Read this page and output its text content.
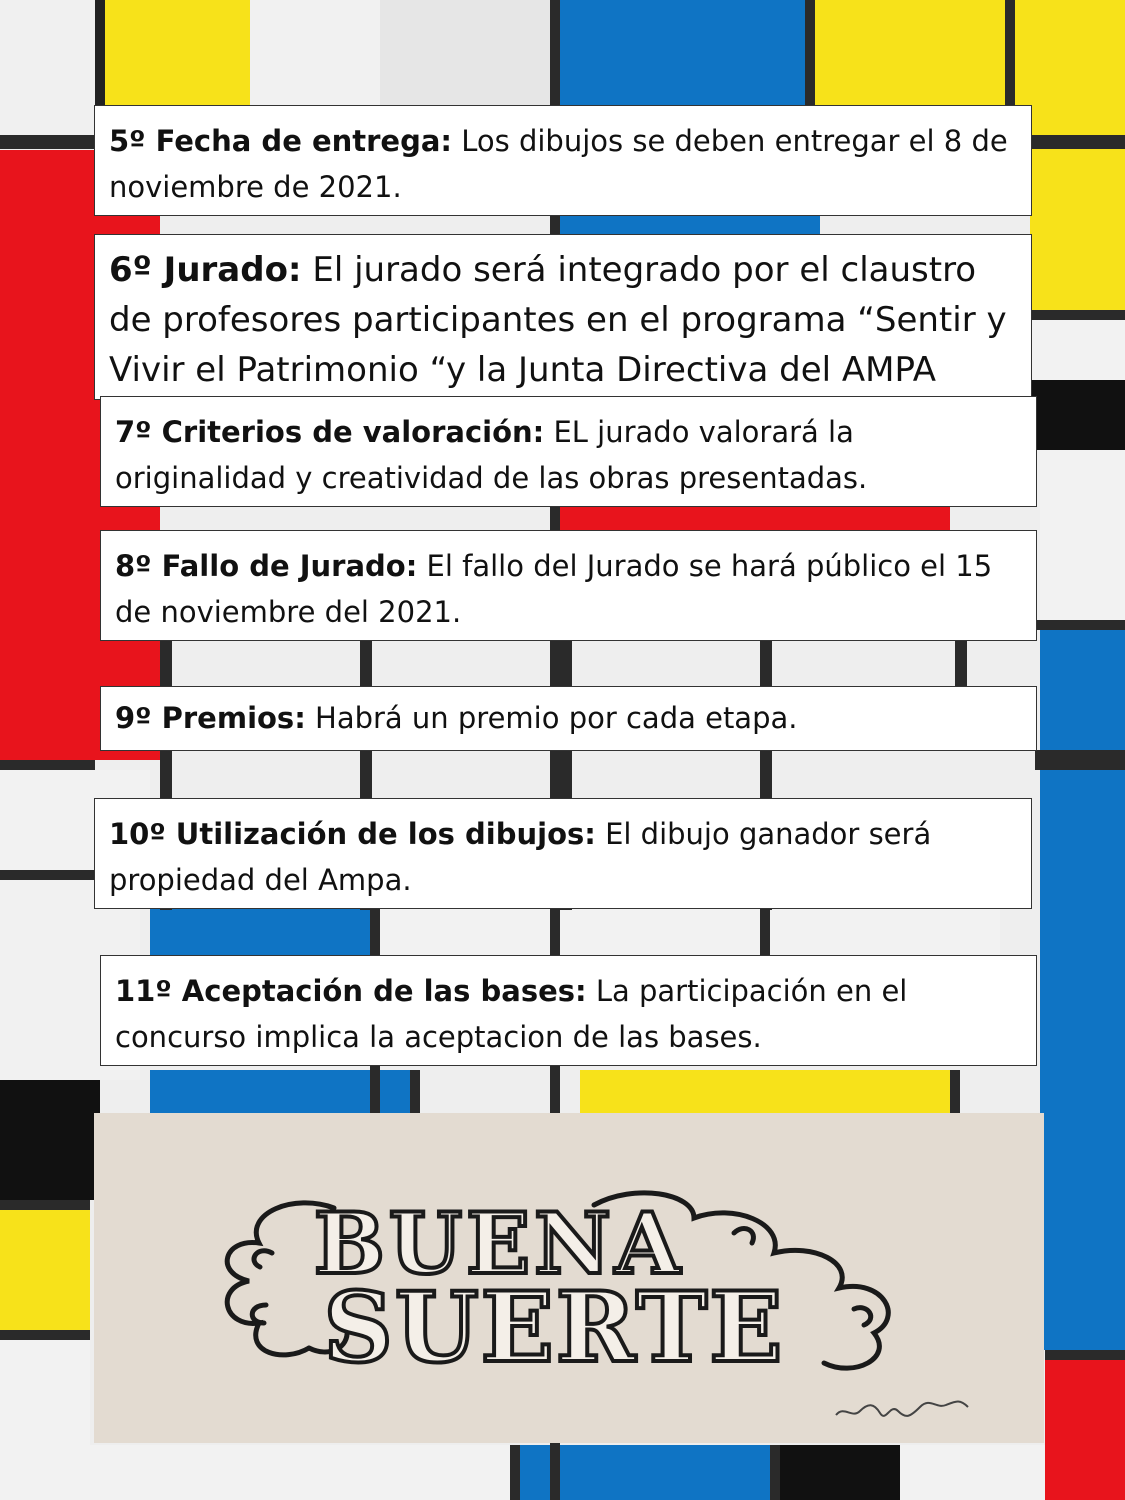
5º Fecha de entrega: Los dibujos se deben entregar el 8 de noviembre de 2021.
6º Jurado: El jurado será integrado por el claustro de profesores participantes en el programa “Sentir y Vivir el Patrimonio “y la Junta Directiva del AMPA
7º Criterios de valoración: EL jurado valorará la originalidad y creatividad de las obras presentadas.
8º Fallo de Jurado: El fallo del Jurado se hará público el 15 de noviembre del 2021.
9º Premios: Habrá un premio por cada etapa.
10º Utilización de los dibujos: El dibujo ganador será propiedad del Ampa.
11º Aceptación de las bases: La participación en el concurso implica la aceptacion de las bases.
BUENA
SUERTE
